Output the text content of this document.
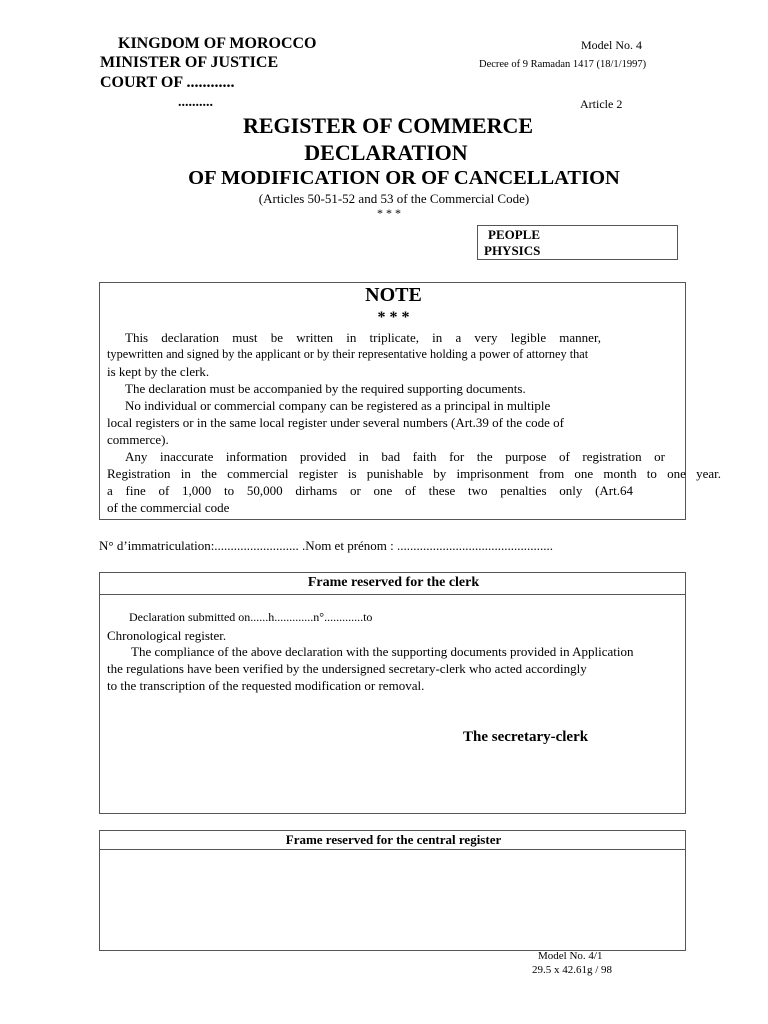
KINGDOM OF MOROCCO
MINISTER OF JUSTICE
COURT OF ............
..........
Model No. 4
Decree of 9 Ramadan 1417 (18/1/1997)
Article 2
REGISTER OF COMMERCE
DECLARATION
OF MODIFICATION OR OF CANCELLATION
(Articles 50-51-52 and 53 of the Commercial Code)
* * *
PEOPLE
PHYSICS
NOTE
* * *
This declaration must be written in triplicate, in a very legible manner,
typewritten and signed by the applicant or by their representative holding a power of attorney that
is kept by the clerk.
The declaration must be accompanied by the required supporting documents.
No individual or commercial company can be registered as a principal in multiple
local registers or in the same local register under several numbers (Art.39 of the code of
commerce).
Any inaccurate information provided in bad faith for the purpose of registration or
Registration in the commercial register is punishable by imprisonment from one month to one year.
a fine of 1,000 to 50,000 dirhams or one of these two penalties only (Art.64
of the commercial code
N° d’immatriculation:.......................... .Nom et prénom : ................................................
Frame reserved for the clerk
Declaration submitted on......h.............n°.............to
Chronological register.
The compliance of the above declaration with the supporting documents provided in Application
the regulations have been verified by the undersigned secretary-clerk who acted accordingly
to the transcription of the requested modification or removal.
The secretary-clerk
Frame reserved for the central register
Model No. 4/1
29.5 x 42.61g / 98
